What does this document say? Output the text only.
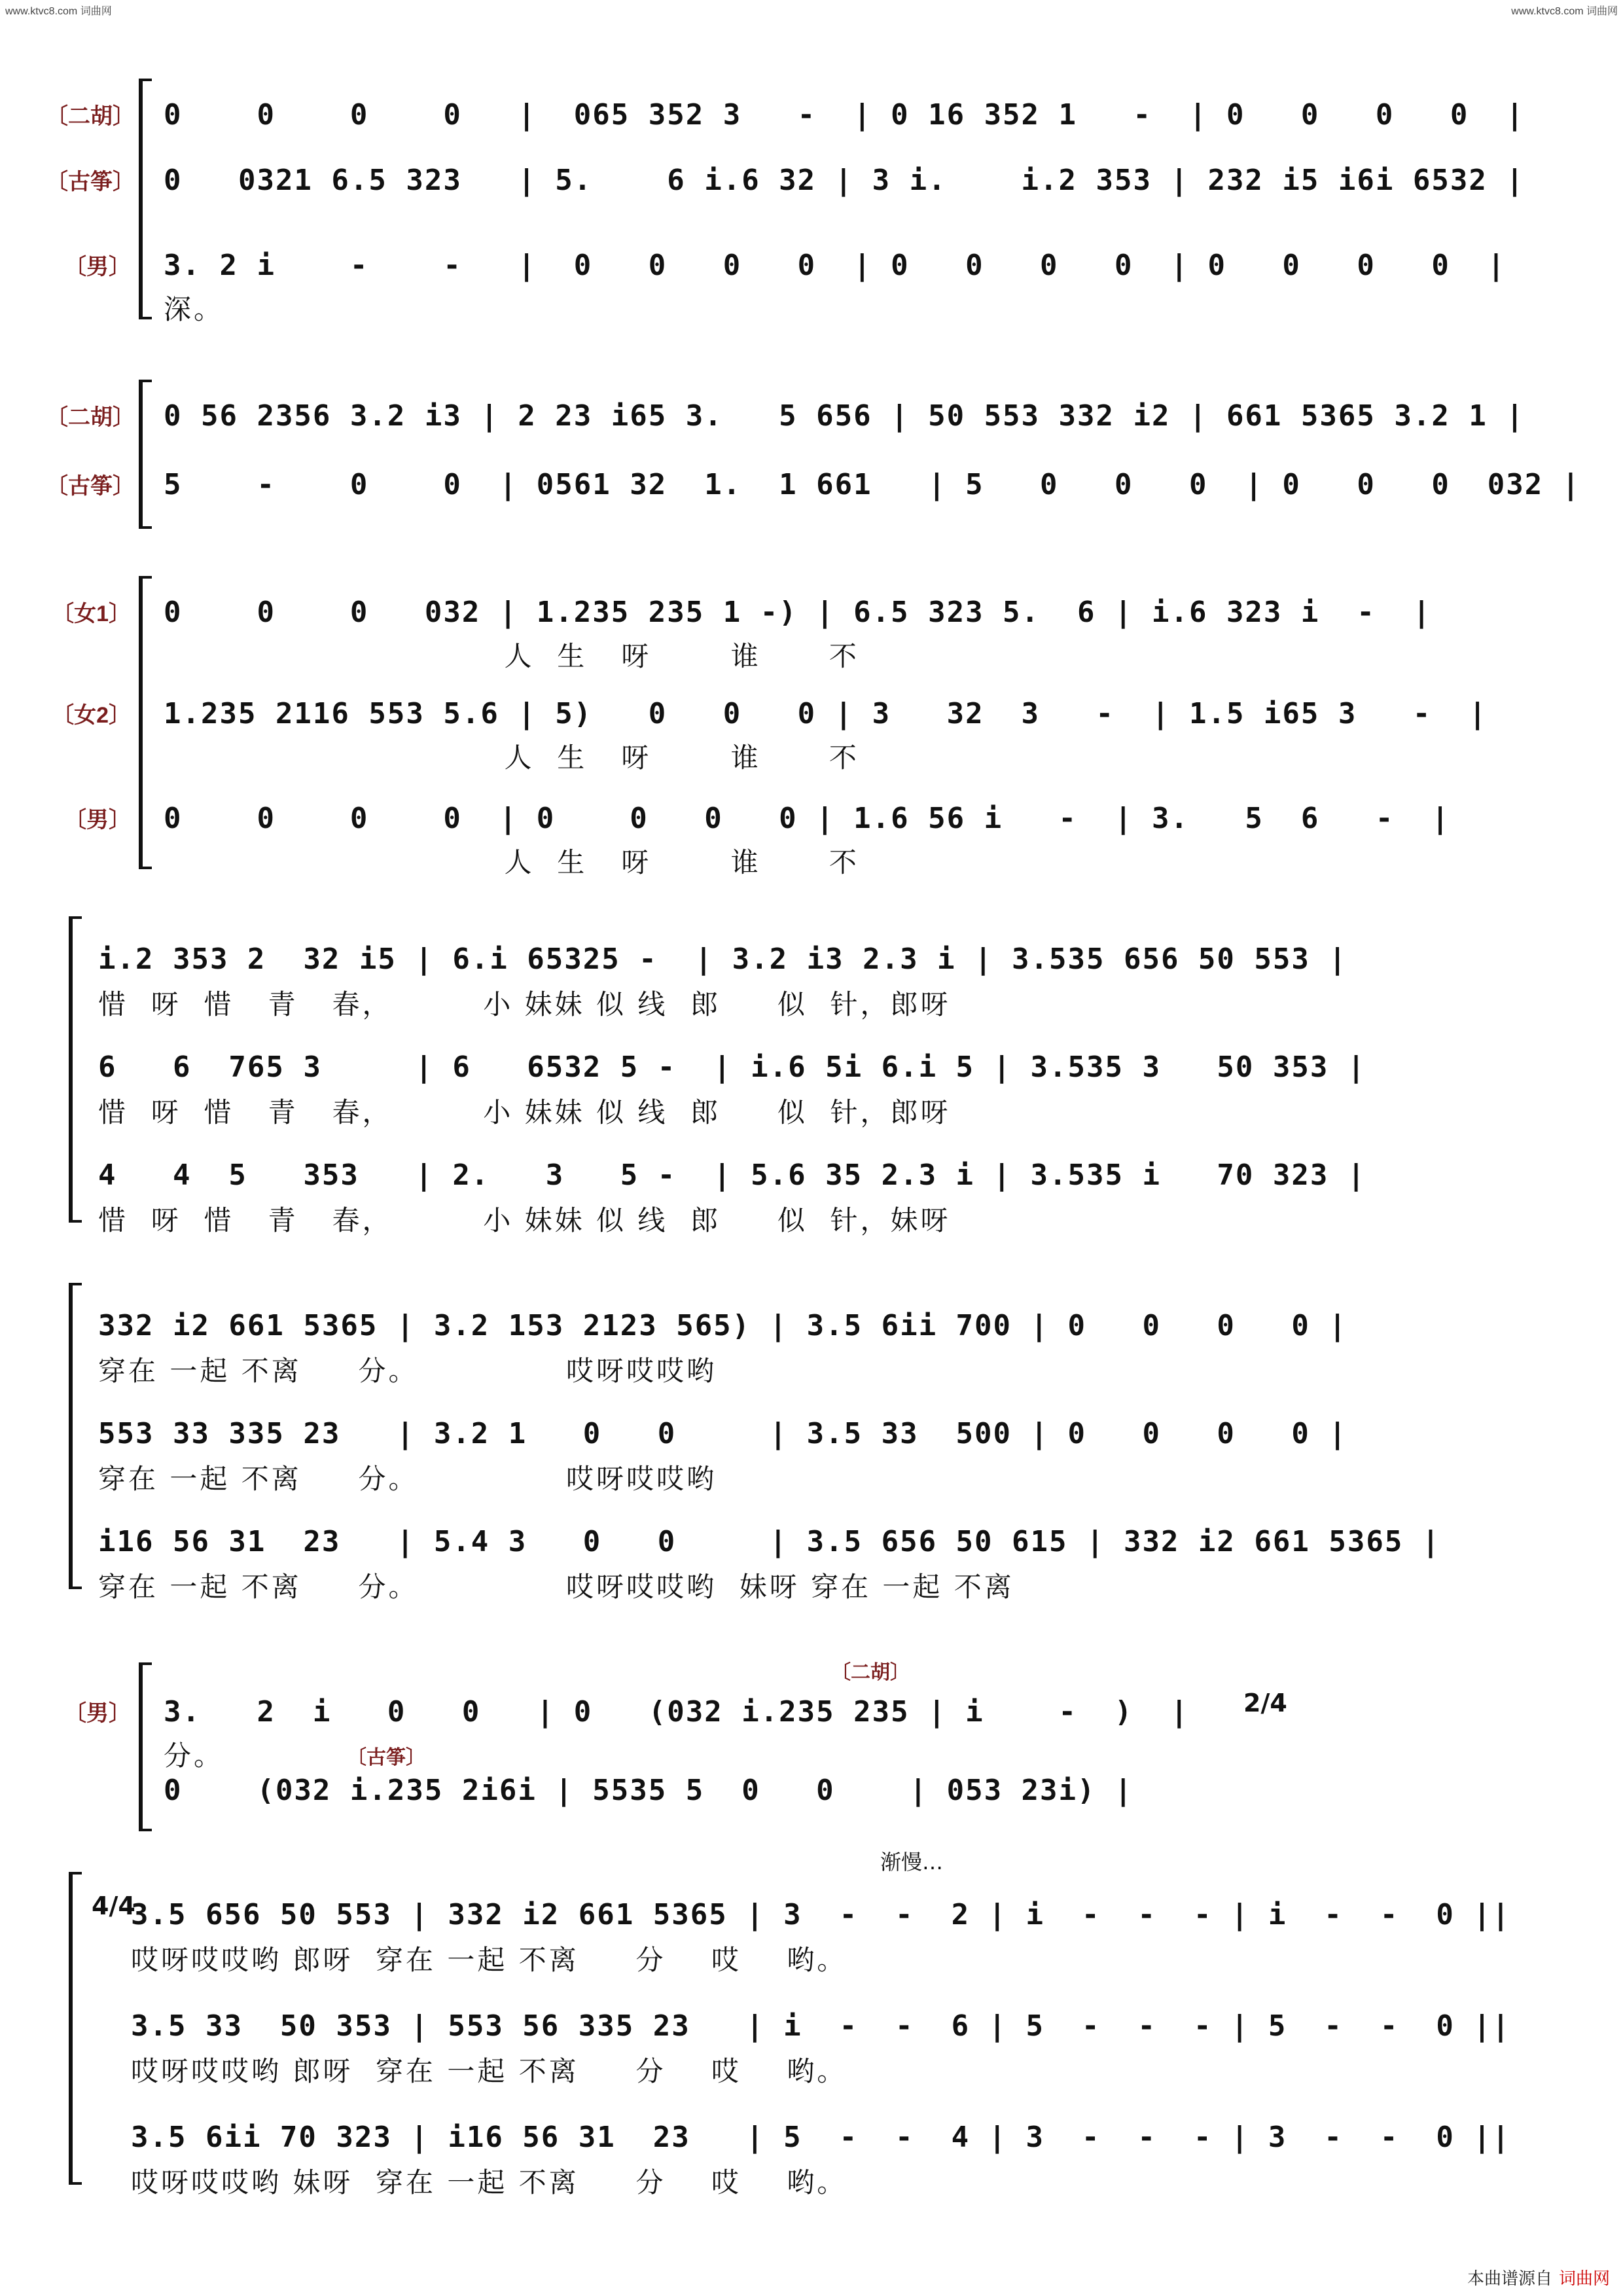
www.ktvc8.com 词曲网	www.ktvc8.com 词曲网
〔二胡〕 0    0    0    0   |  065 352 3   -  | 0 16 352 1   -  | 0   0   0   0  |
〔古筝〕 0   0321 6.5 323   | 5.    6 i.6 32 | 3 i.    i.2 353 | 232 i5 i6i 6532 |
〔男〕 3. 2 i    -    -   |  0   0   0   0  | 0   0   0   0  | 0   0   0   0  |
深。
〔二胡〕 0 56 2356 3.2 i3 | 2 23 i65 3.   5 656 | 50 553 332 i2 | 661 5365 3.2 1 |
〔古筝〕 5    -    0    0  | 0561 32  1.  1 661   | 5   0   0   0  | 0   0   0  032 |
〔女1〕 0    0    0   032 | 1.235 235 1 -) | 6.5 323 5.  6 | i.6 323 i  -  |
人  生   呀       谁      不
〔女2〕 1.235 2116 553 5.6 | 5)   0   0   0 | 3   32  3   -  | 1.5 i65 3   -  |
人  生   呀       谁      不
〔男〕 0    0    0    0  | 0    0   0   0 | 1.6 56 i   -  | 3.   5  6   -  |
人  生   呀       谁      不
i.2 353 2  32 i5 | 6.i 65325 -  | 3.2 i3 2.3 i | 3.535 656 50 553 |
惜  呀  惜   青   春，        小 妹妹 似 线  郎     似  针，郎呀
6   6  765 3     | 6   6532 5 -  | i.6 5i 6.i 5 | 3.535 3   50 353 |
惜  呀  惜   青   春，        小 妹妹 似 线  郎     似  针，郎呀
4   4  5   353   | 2.   3   5 -  | 5.6 35 2.3 i | 3.535 i   70 323 |
惜  呀  惜   青   春，        小 妹妹 似 线  郎     似  针，妹呀
332 i2 661 5365 | 3.2 153 2123 565) | 3.5 6ii 700 | 0   0   0   0 |
穿在 一起 不离     分。             哎呀哎哎哟
553 33 335 23   | 3.2 1   0   0     | 3.5 33  500 | 0   0   0   0 |
穿在 一起 不离     分。             哎呀哎哎哟
i16 56 31  23   | 5.4 3   0   0     | 3.5 656 50 615 | 332 i2 661 5365 |
穿在 一起 不离     分。             哎呀哎哎哟  妹呀 穿在 一起 不离
〔二胡〕
〔男〕 3.   2  i   0   0   | 0   (032 i.235 235 | i    -  )  |
分。	〔古筝〕
0    (032 i.235 2i6i | 5535 5  0   0    | 053 23i) |
2/4
渐慢…
4/4
3.5 656 50 553 | 332 i2 661 5365 | 3  -  -  2 | i  -  -  - | i  -  -  0 ||
哎呀哎哎哟 郎呀  穿在 一起 不离     分    哎    哟。
3.5 33  50 353 | 553 56 335 23   | i  -  -  6 | 5  -  -  - | 5  -  -  0 ||
哎呀哎哎哟 郎呀  穿在 一起 不离     分    哎    哟。
3.5 6ii 70 323 | i16 56 31  23   | 5  -  -  4 | 3  -  -  - | 3  -  -  0 ||
哎呀哎哎哟 妹呀  穿在 一起 不离     分    哎    哟。
本曲谱源自 词曲网
